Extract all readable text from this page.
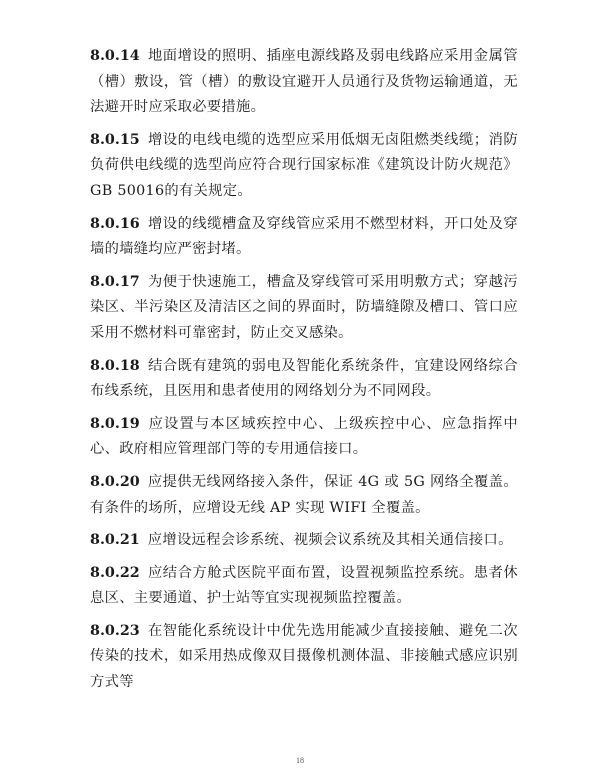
8.0.14 地面增设的照明、插座电源线路及弱电线路应采用金属管（槽）敷设，管（槽）的敷设宜避开人员通行及货物运输通道，无法避开时应采取必要措施。

8.0.15 增设的电线电缆的选型应采用低烟无卤阻燃类线缆；消防负荷供电线缆的选型尚应符合现行国家标准《建筑设计防火规范》GB 50016的有关规定。

8.0.16 增设的线缆槽盒及穿线管应采用不燃型材料，开口处及穿墙的墙缝均应严密封堵。

8.0.17 为便于快速施工，槽盒及穿线管可采用明敷方式；穿越污染区、半污染区及清洁区之间的界面时，防墙缝隙及槽口、管口应采用不燃材料可靠密封，防止交叉感染。

8.0.18 结合既有建筑的弱电及智能化系统条件，宜建设网络综合布线系统，且医用和患者使用的网络划分为不同网段。

8.0.19 应设置与本区域疾控中心、上级疾控中心、应急指挥中心、政府相应管理部门等的专用通信接口。

8.0.20 应提供无线网络接入条件，保证 4G 或 5G 网络全覆盖。有条件的场所，应增设无线 AP 实现 WIFI 全覆盖。

8.0.21 应增设远程会诊系统、视频会议系统及其相关通信接口。

8.0.22 应结合方舱式医院平面布置，设置视频监控系统。患者休息区、主要通道、护士站等宜实现视频监控覆盖。

8.0.23 在智能化系统设计中优先选用能减少直接接触、避免二次传染的技术，如采用热成像双目摄像机测体温、非接触式感应识别方式等

18
